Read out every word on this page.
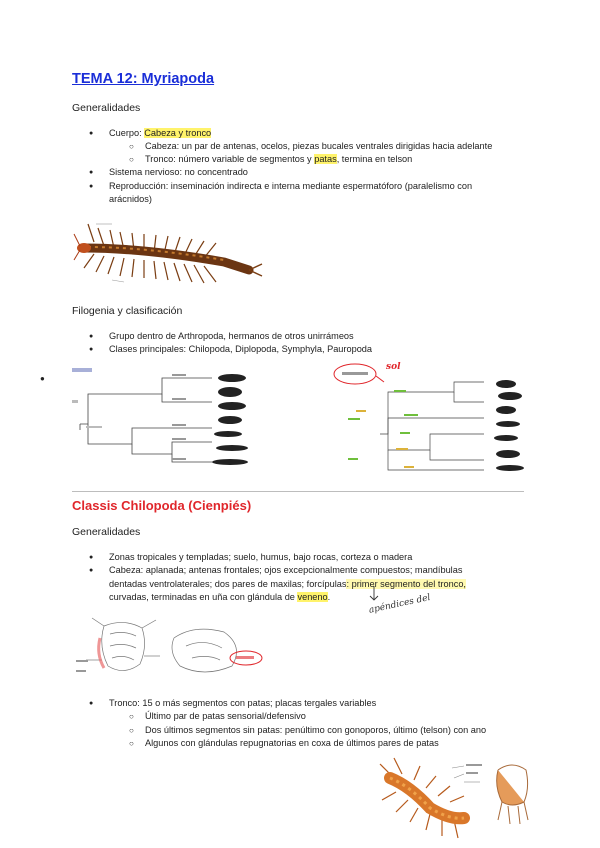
TEMA 12: Myriapoda
Generalidades
● Cuerpo: Cabeza y tronco
○ Cabeza: un par de antenas, ocelos, piezas bucales ventrales dirigidas hacia adelante
○ Tronco: número variable de segmentos y patas, termina en telson
● Sistema nervioso: no concentrado
● Reproducción: inseminación indirecta e interna mediante espermatóforo (paralelismo con
arácnidos)
Filogenia y clasificación
● Grupo dentro de Arthropoda, hermanos de otros unirrámeos
● Clases principales: Chilopoda, Diplopoda, Symphyla, Pauropoda
●
sol
Classis Chilopoda (Cienpiés)
Generalidades
● Zonas tropicales y templadas; suelo, humus, bajo rocas, corteza o madera
● Cabeza: aplanada; antenas frontales; ojos excepcionalmente compuestos; mandíbulas
dentadas ventrolaterales; dos pares de maxilas; forcípulas: primer segmento del tronco,
curvadas, terminadas en uña con glándula de veneno.	apéndices del
● Tronco: 15 o más segmentos con patas; placas tergales variables
○ Último par de patas sensorial/defensivo
○ Dos últimos segmentos sin patas: penúltimo con gonoporos, último (telson) con ano
○ Algunos con glándulas repugnatorias en coxa de últimos pares de patas
